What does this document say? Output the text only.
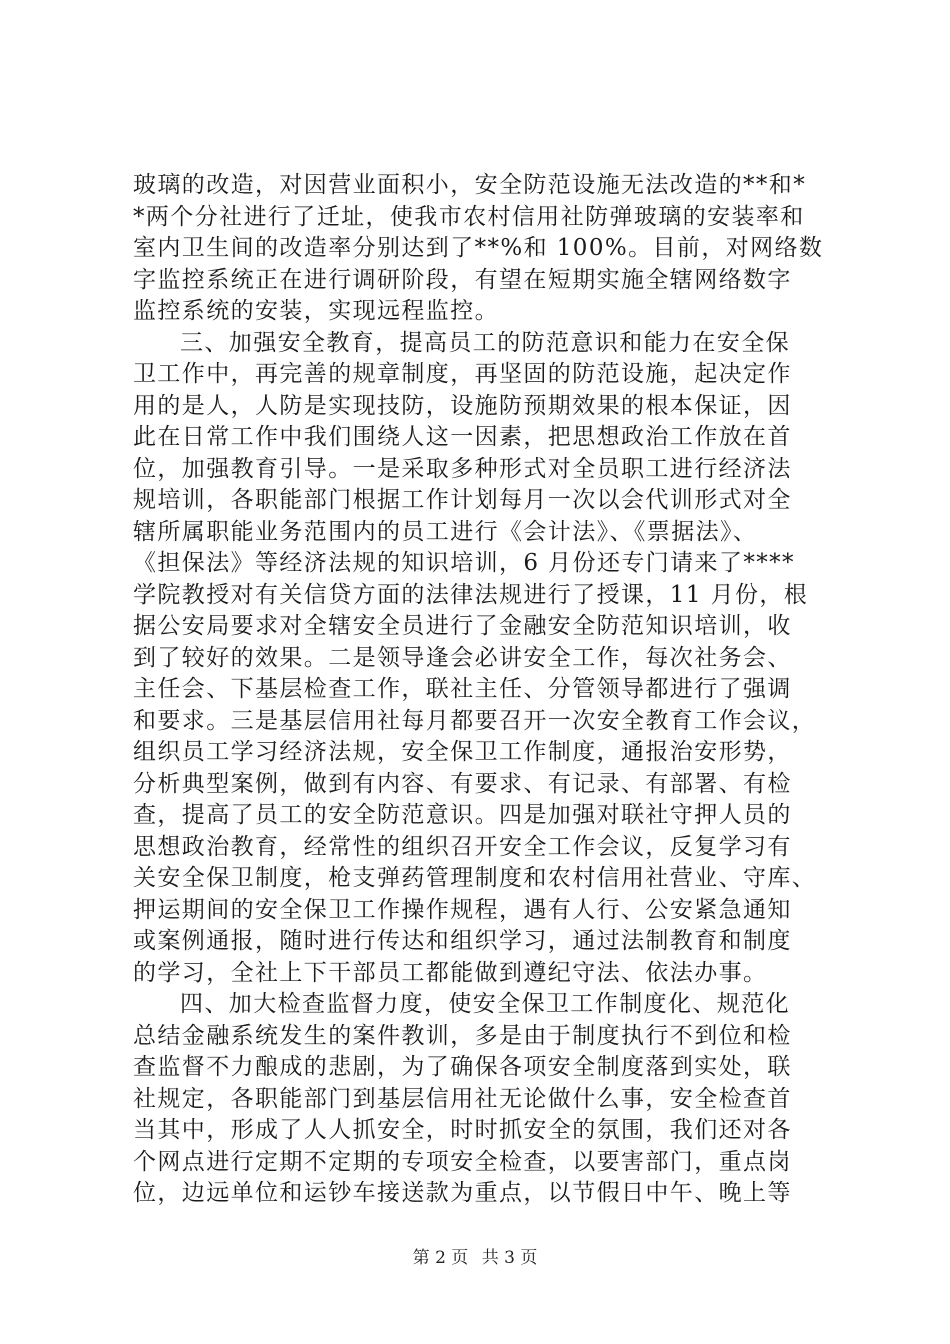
玻璃的改造，对因营业面积小，安全防范设施无法改造的**和*
*两个分社进行了迁址，使我市农村信用社防弹玻璃的安装率和
室内卫生间的改造率分别达到了**%和 100%。目前，对网络数
字监控系统正在进行调研阶段，有望在短期实施全辖网络数字
监控系统的安装，实现远程监控。
三、加强安全教育，提高员工的防范意识和能力在安全保
卫工作中，再完善的规章制度，再坚固的防范设施，起决定作
用的是人，人防是实现技防，设施防预期效果的根本保证，因
此在日常工作中我们围绕人这一因素，把思想政治工作放在首
位，加强教育引导。一是采取多种形式对全员职工进行经济法
规培训，各职能部门根据工作计划每月一次以会代训形式对全
辖所属职能业务范围内的员工进行《会计法》、《票据法》、
《担保法》等经济法规的知识培训，6 月份还专门请来了****
学院教授对有关信贷方面的法律法规进行了授课，11 月份，根
据公安局要求对全辖安全员进行了金融安全防范知识培训，收
到了较好的效果。二是领导逢会必讲安全工作，每次社务会、
主任会、下基层检查工作，联社主任、分管领导都进行了强调
和要求。三是基层信用社每月都要召开一次安全教育工作会议，
组织员工学习经济法规，安全保卫工作制度，通报治安形势，
分析典型案例，做到有内容、有要求、有记录、有部署、有检
查，提高了员工的安全防范意识。四是加强对联社守押人员的
思想政治教育，经常性的组织召开安全工作会议，反复学习有
关安全保卫制度，枪支弹药管理制度和农村信用社营业、守库、
押运期间的安全保卫工作操作规程，遇有人行、公安紧急通知
或案例通报，随时进行传达和组织学习，通过法制教育和制度
的学习，全社上下干部员工都能做到遵纪守法、依法办事。
四、加大检查监督力度，使安全保卫工作制度化、规范化
总结金融系统发生的案件教训，多是由于制度执行不到位和检
查监督不力酿成的悲剧，为了确保各项安全制度落到实处，联
社规定，各职能部门到基层信用社无论做什么事，安全检查首
当其中，形成了人人抓安全，时时抓安全的氛围，我们还对各
个网点进行定期不定期的专项安全检查，以要害部门，重点岗
位，边远单位和运钞车接送款为重点，以节假日中午、晚上等
第 2 页 共 3 页
